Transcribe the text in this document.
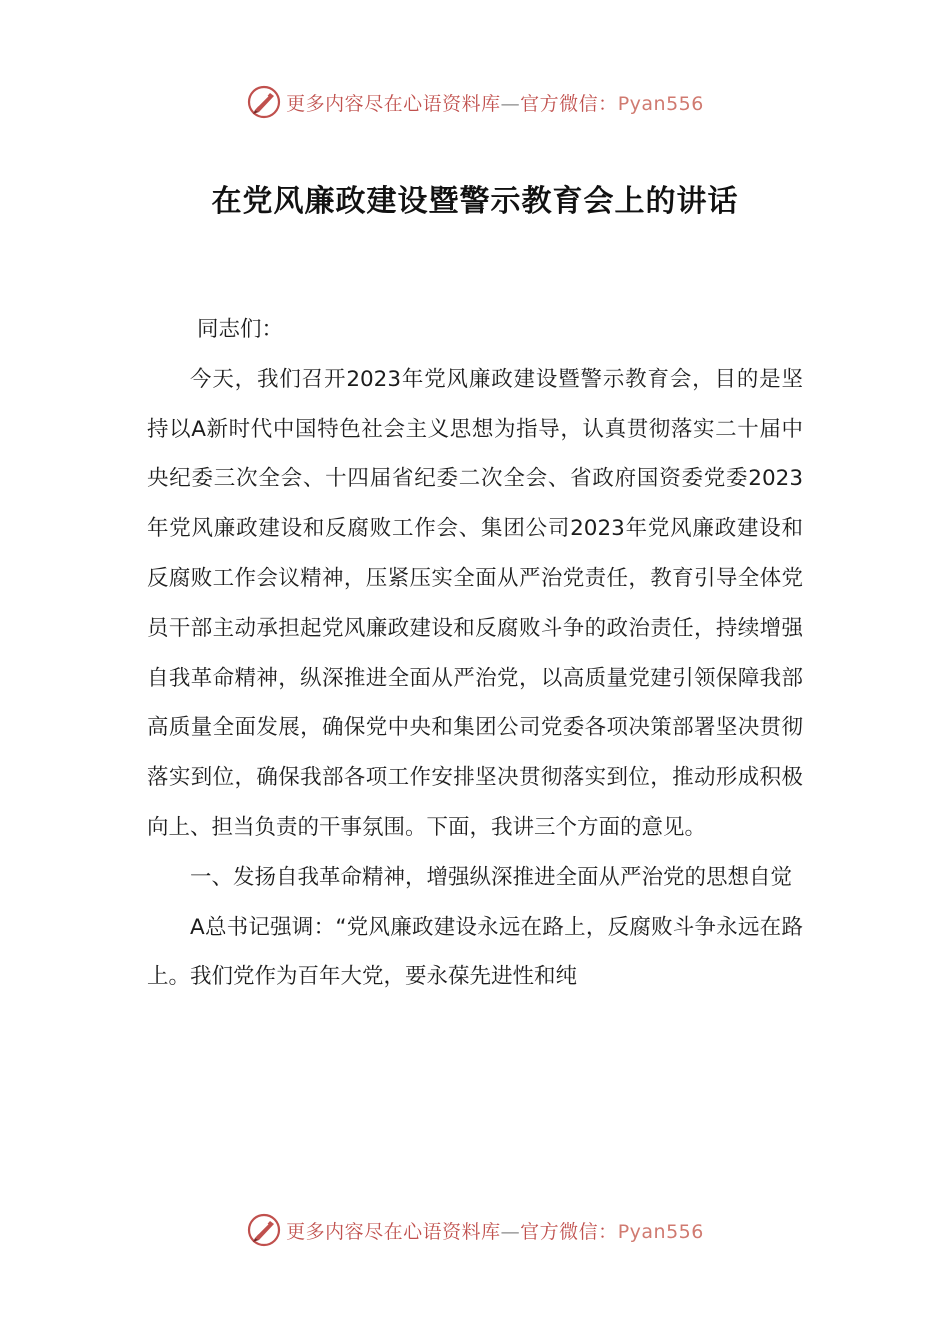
更多内容尽在心语资料库—官方微信：Pyan556
在党风廉政建设暨警示教育会上的讲话

同志们：

今天，我们召开2023年党风廉政建设暨警示教育会，目的是坚持以A新时代中国特色社会主义思想为指导，认真贯彻落实二十届中央纪委三次全会、十四届省纪委二次全会、省政府国资委党委2023年党风廉政建设和反腐败工作会、集团公司2023年党风廉政建设和反腐败工作会议精神，压紧压实全面从严治党责任，教育引导全体党员干部主动承担起党风廉政建设和反腐败斗争的政治责任，持续增强自我革命精神，纵深推进全面从严治党，以高质量党建引领保障我部高质量全面发展，确保党中央和集团公司党委各项决策部署坚决贯彻落实到位，确保我部各项工作安排坚决贯彻落实到位，推动形成积极向上、担当负责的干事氛围。下面，我讲三个方面的意见。

一、发扬自我革命精神，增强纵深推进全面从严治党的思想自觉

A总书记强调：“党风廉政建设永远在路上，反腐败斗争永远在路上。我们党作为百年大党，要永葆先进性和纯

更多内容尽在心语资料库—官方微信：Pyan556
